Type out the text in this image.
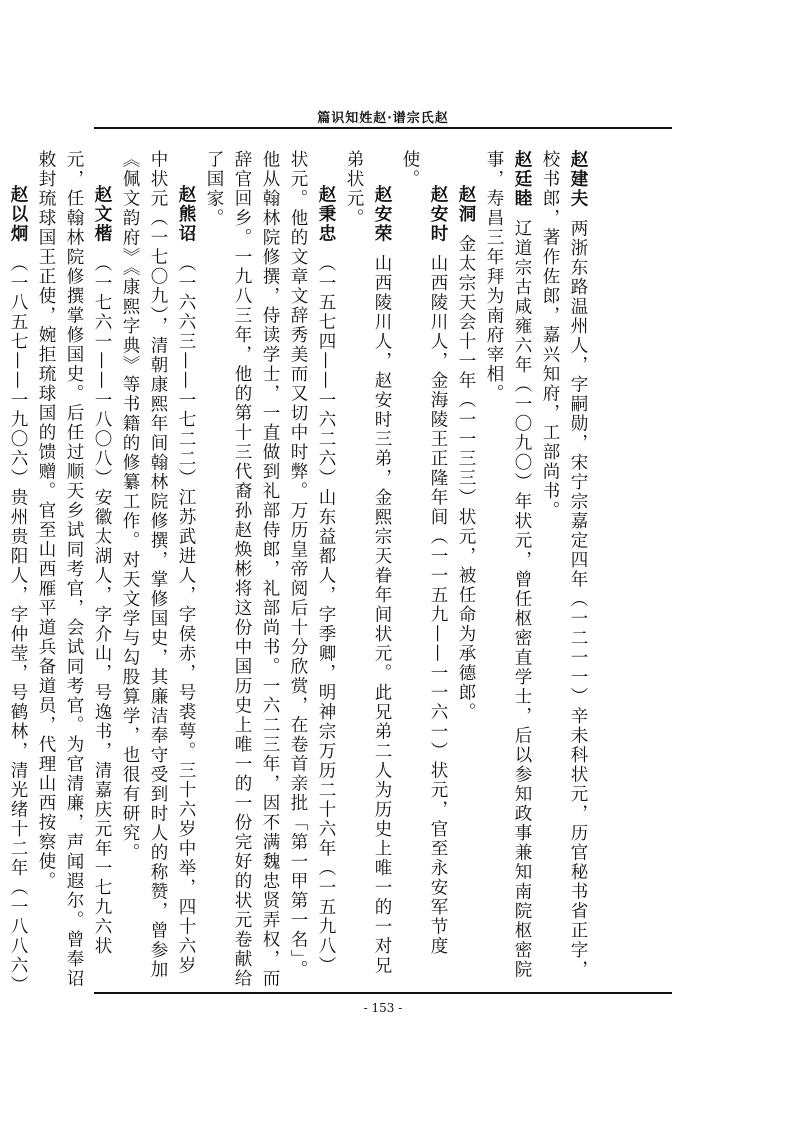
篇识知姓赵·谱宗氏赵

赵建夫两浙东路温州人，字嗣勋，宋宁宗嘉定四年（一二一一）辛未科状元，历官秘书省正字，校书郎，著作佐郎，嘉兴知府，工部尚书。

赵廷睦辽道宗古咸雍六年（一〇九〇）年状元，曾任枢密直学士，后以参知政事兼知南院枢密院事，寿昌三年拜为南府宰相。

赵洞金太宗天会十一年（一一三三）状元，被任命为承德郎。

赵安时山西陵川人，金海陵王正隆年间（一一五九——一一六一）状元，官至永安军节度使。

赵安荣山西陵川人，赵安时三弟，金熙宗天眷年间状元。此兄弟二人为历史上唯一的一对兄弟状元。

赵秉忠（一五七四——一六二六）山东益都人，字季卿，明神宗万历二十六年（一五九八）状元。他的文章文辞秀美而又切中时弊。万历皇帝阅后十分欣赏，在卷首亲批「第一甲第一名」。他从翰林院修撰，侍读学士，一直做到礼部侍郎，礼部尚书。一六二三年，因不满魏忠贤弄权，而辞官回乡。一九八三年，他的第十三代裔孙赵焕彬将这份中国历史上唯一的一份完好的状元卷献给了国家。

赵熊诏（一六六三——一七二二）江苏武进人，字侯赤，号裘萼。三十六岁中举，四十六岁中状元（一七〇九），清朝康熙年间翰林院修撰，掌修国史，其廉洁奉守受到时人的称赞，曾参加《佩文韵府》《康熙字典》等书籍的修纂工作。对天文学与勾股算学，也很有研究。

赵文楷（一七六一——一八〇八）安徽太湖人，字介山，号逸书，清嘉庆元年一七九六状元，任翰林院修撰掌修国史。后任过顺天乡试同考官，会试同考官。为官清廉，声闻遐尔。曾奉诏敕封琉球国王正使，婉拒琉球国的馈赠。官至山西雁平道兵备道员，代理山西按察使。

赵以炯（一八五七——一九〇六）贵州贵阳人，字仲莹，号鹤林，清光绪十二年（一八八六）

- 153 -
